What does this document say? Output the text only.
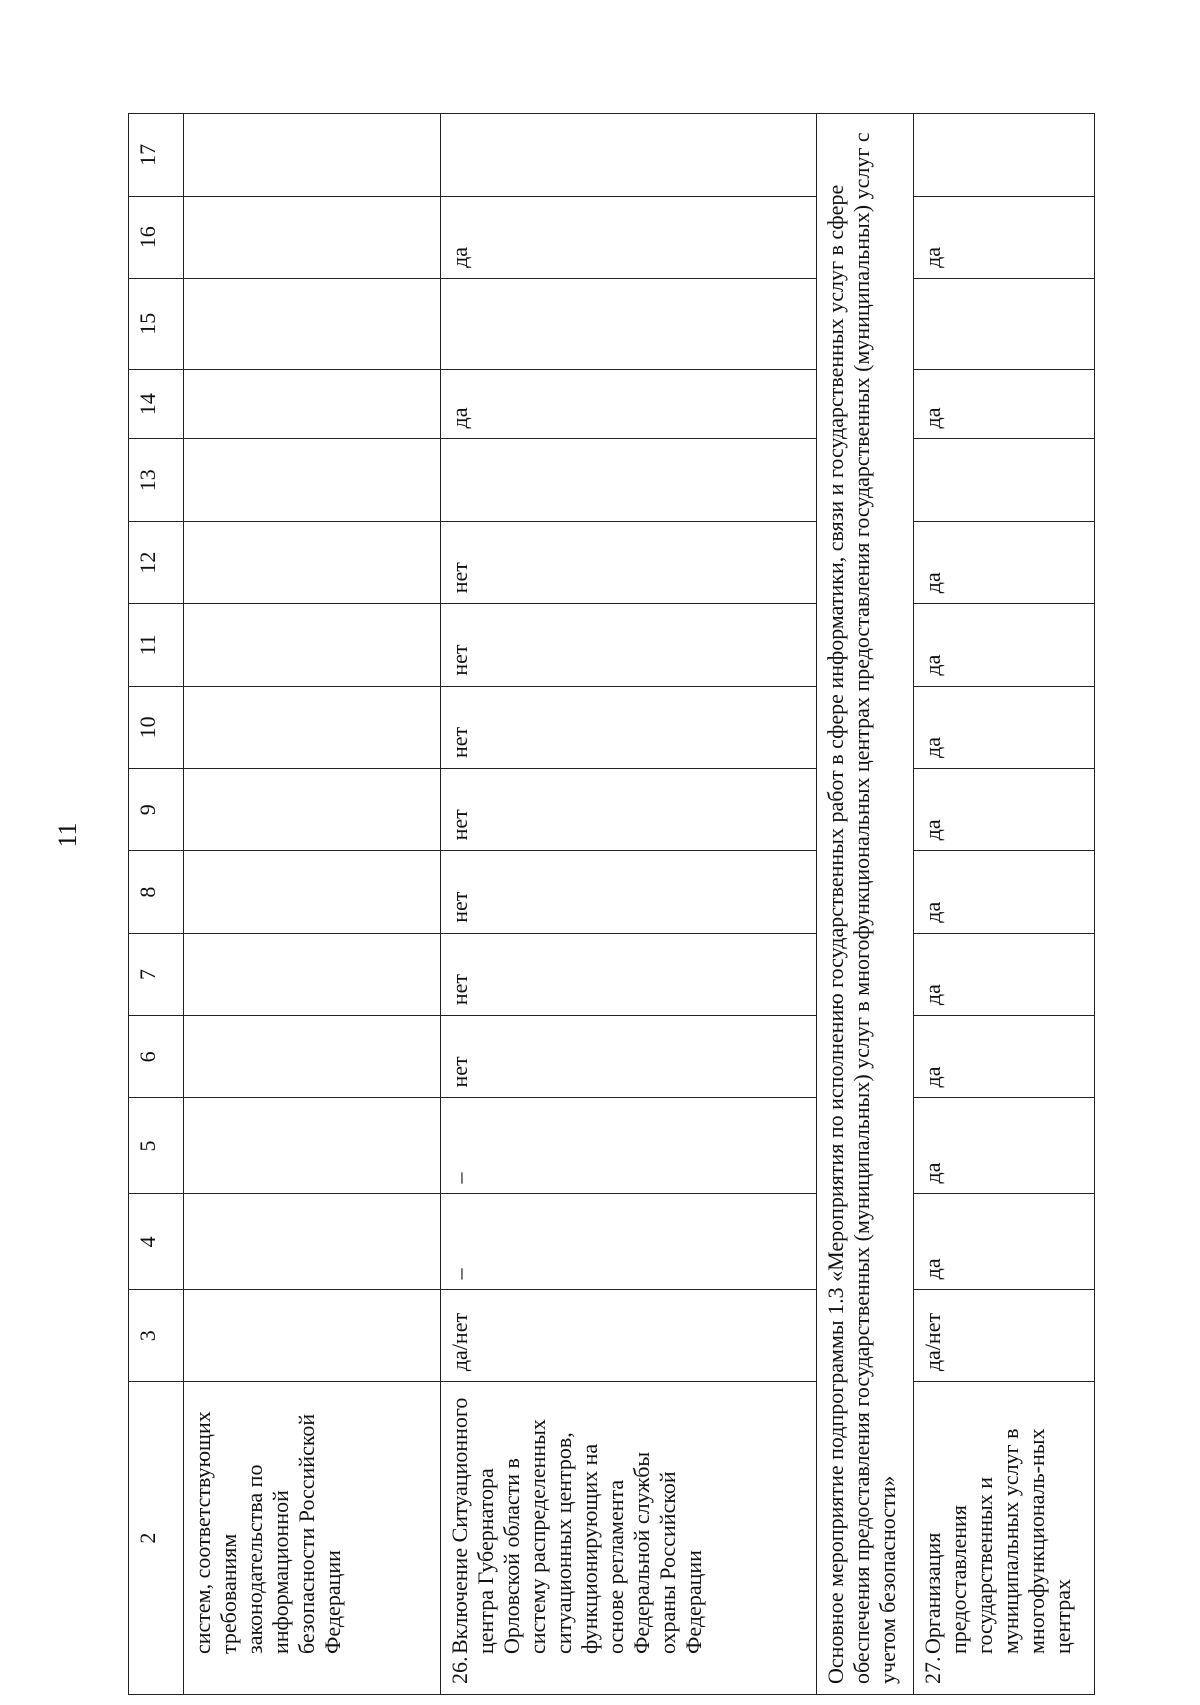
11
2	3	4	5	6	7	8	9	10	11	12	13	14	15	16	17

систем, соответствующих требованиям законодательства по информационной безопасности Российской Федерации															

26.
Включение Ситуационного центра Губернатора Орловской области в систему распределенных ситуационных центров, функционирующих на основе регламента Федеральной службы охраны Российской Федерации	да/нет	–	–	нет	нет	нет	нет	нет	нет	нет		да		да	
Основное мероприятие подпрограммы 1.3 «Мероприятия по исполнению государственных работ в сфере информатики, связи и государственных услуг в сфере обеспечения предоставления государственных (муниципальных) услуг в многофункциональных центрах предоставления государственных (муниципальных) услуг с учетом безопасности»															

27.
Организация предоставления государственных и муниципальных услуг в многофункциональ-ных центрах	да/нет	да	да	да	да	да	да	да	да	да		да		да	
